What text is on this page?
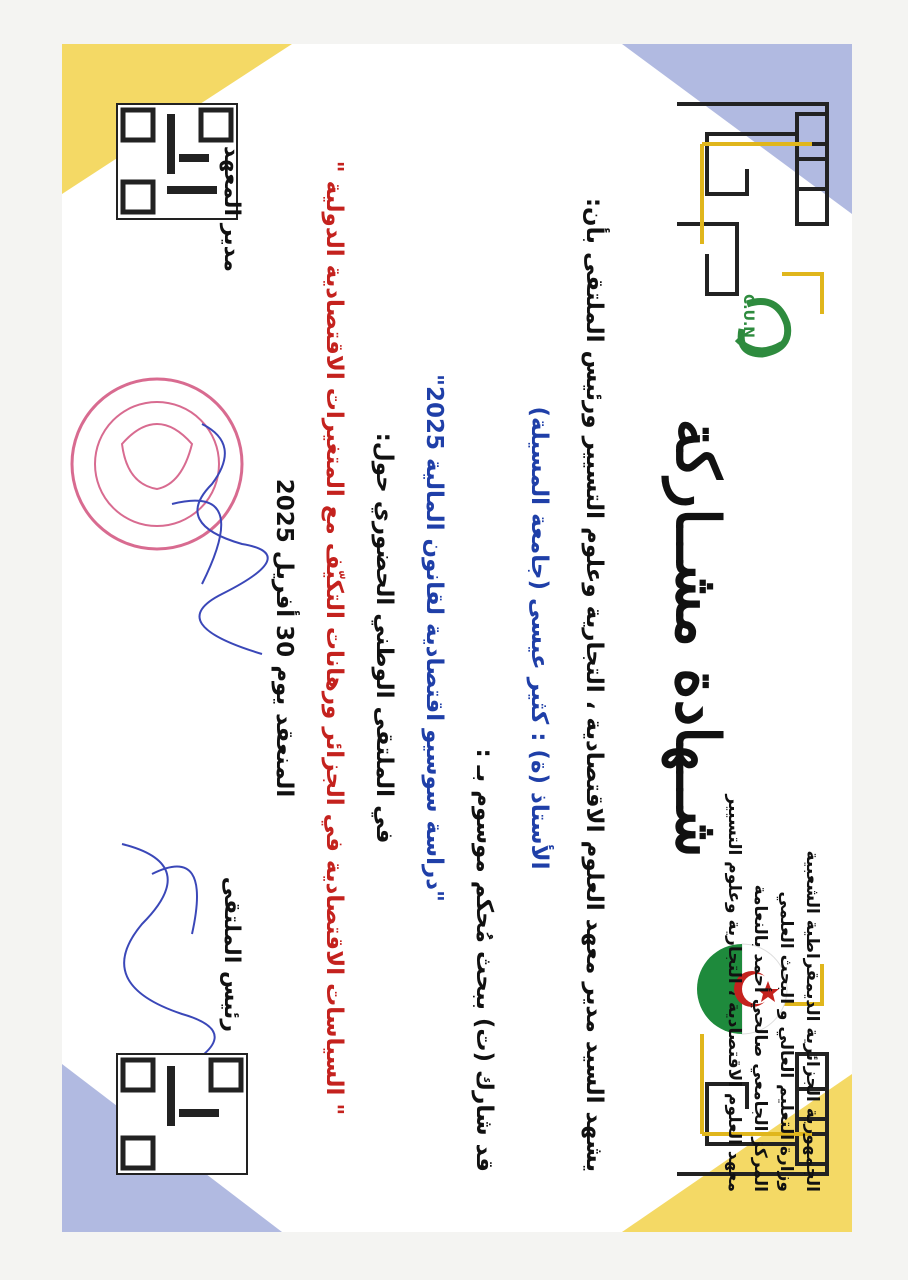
الجمهورية الجزائرية الديمقراطية الشعبية
وزارة التعليم العالي و البحث العلمي
المركز الجامعي صالحي أحمد بالنعامة
معهد العلوم الاقتصادية ، التجارية وعلوم التسيير
C.U.N
شــهادة مشــاركة
يشهد السيد مدير معهد العلوم الاقتصادية ، التجارية وعلوم التسيير ورئيس الملتقى بأن:
الأستاذ (ة) : كثير عيسى (جامعة المسيلة)
قد شارك (ت) ببحث مُحكم موسوم بـ :
"دراسة سوسيو اقتصادية لقانون المالية 2025"
في الملتقى الوطني الحضوري حول:
" السياسات الاقتصادية في الجزائر ورهانات التكيّف مع المتغيرات الاقتصادية الدولية "
المنعقد يوم 30 أفريل 2025
مدير المعهد
رئيس الملتقى
